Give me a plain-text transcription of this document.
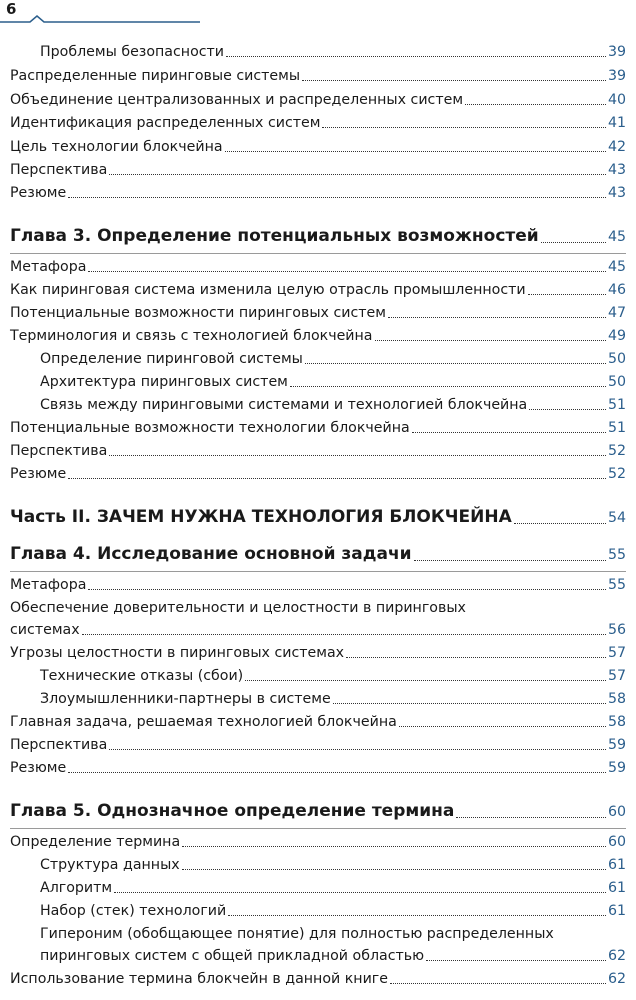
6
Проблемы безопасности	39
Распределенные пиринговые системы	39
Объединение централизованных и распределенных систем	40
Идентификация распределенных систем	41
Цель технологии блокчейна	42
Перспектива	43
Резюме	43
Глава 3. Определение потенциальных возможностей	45
Метафора	45
Как пиринговая система изменила целую отрасль промышленности	46
Потенциальные возможности пиринговых систем	47
Терминология и связь с технологией блокчейна	49
Определение пиринговой системы	50
Архитектура пиринговых систем	50
Связь между пиринговыми системами и технологией блокчейна	51
Потенциальные возможности технологии блокчейна	51
Перспектива	52
Резюме	52
Часть II. ЗАЧЕМ НУЖНА ТЕХНОЛОГИЯ БЛОКЧЕЙНА	54
Глава 4. Исследование основной задачи	55
Метафора	55
Обеспечение доверительности и целостности в пиринговых
системах	56
Угрозы целостности в пиринговых системах	57
Технические отказы (сбои)	57
Злоумышленники-партнеры в системе	58
Главная задача, решаемая технологией блокчейна	58
Перспектива	59
Резюме	59
Глава 5. Однозначное определение термина	60
Определение термина	60
Структура данных	61
Алгоритм	61
Набор (стек) технологий	61
Гипероним (обобщающее понятие) для полностью распределенных
пиринговых систем с общей прикладной областью	62
Использование термина блокчейн в данной книге	62
